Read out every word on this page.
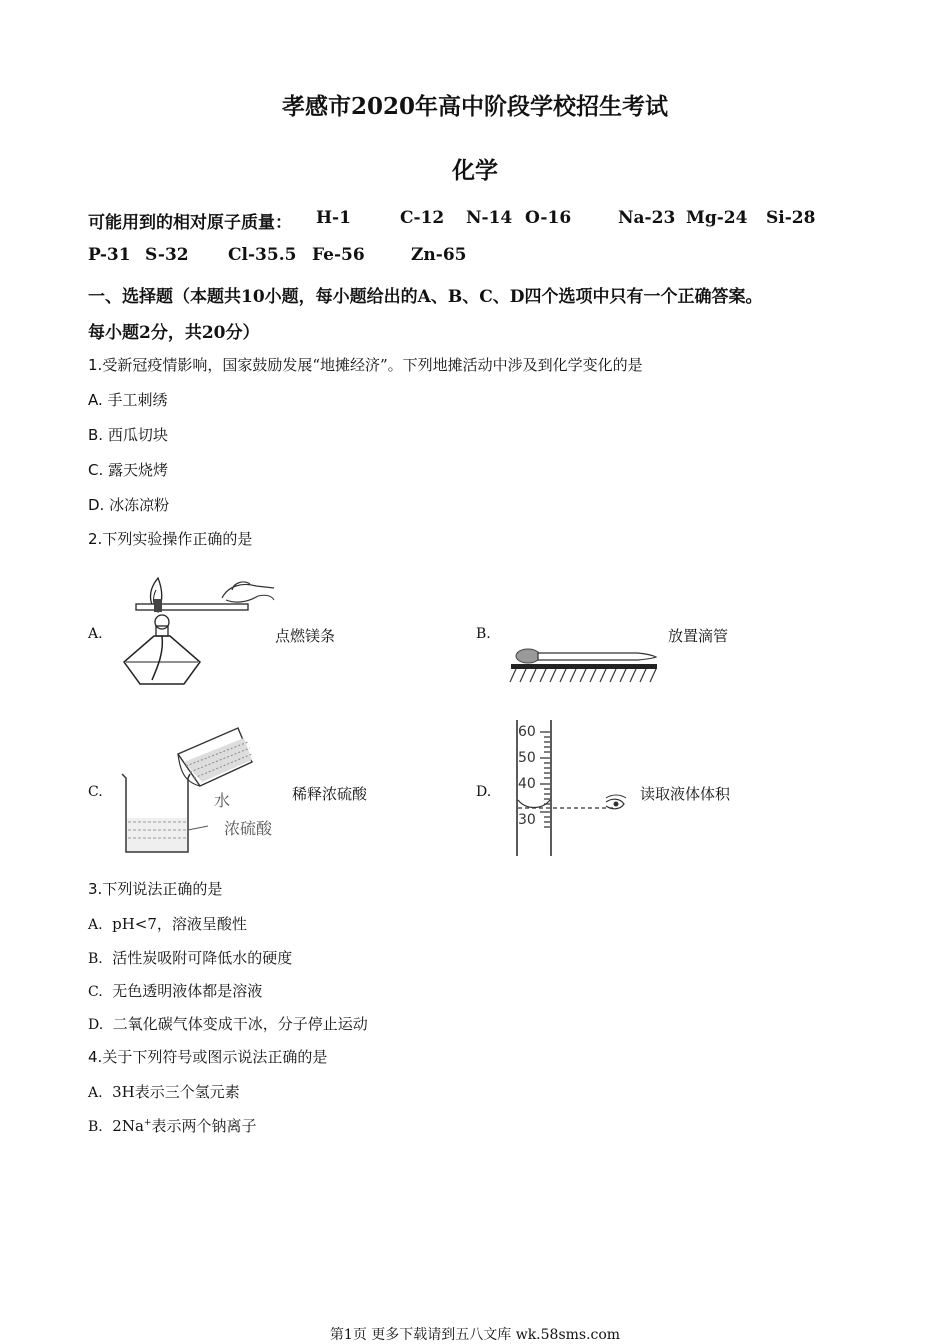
孝感市2020年高中阶段学校招生考试
化学
可能用到的相对原子质量： H-1	C-12 N-14 O-16	Na-23 Mg-24 Si-28
P-31 S-32 Cl-35.5 Fe-56	Zn-65
一、选择题（本题共10小题，每小题给出的A、B、C、D四个选项中只有一个正确答案。
每小题2分，共20分）
1.受新冠疫情影响，国家鼓励发展“地摊经济”。下列地摊活动中涉及到化学变化的是
A. 手工刺绣
B. 西瓜切块
C. 露天烧烤
D. 冰冻凉粉
2.下列实验操作正确的是
A.	点燃镁条	B.	放置滴管
C.	水
浓硫酸
稀释浓硫酸	D.
60
50
40
30
读取液体体积
3.下列说法正确的是
A. pH<7，溶液呈酸性
B. 活性炭吸附可降低水的硬度
C. 无色透明液体都是溶液
D. 二氧化碳气体变成干冰，分子停止运动
4.关于下列符号或图示说法正确的是
A. 3H表示三个氢元素
B. 2Na+表示两个钠离子
第1页 更多下载请到五八文库 wk.58sms.com
